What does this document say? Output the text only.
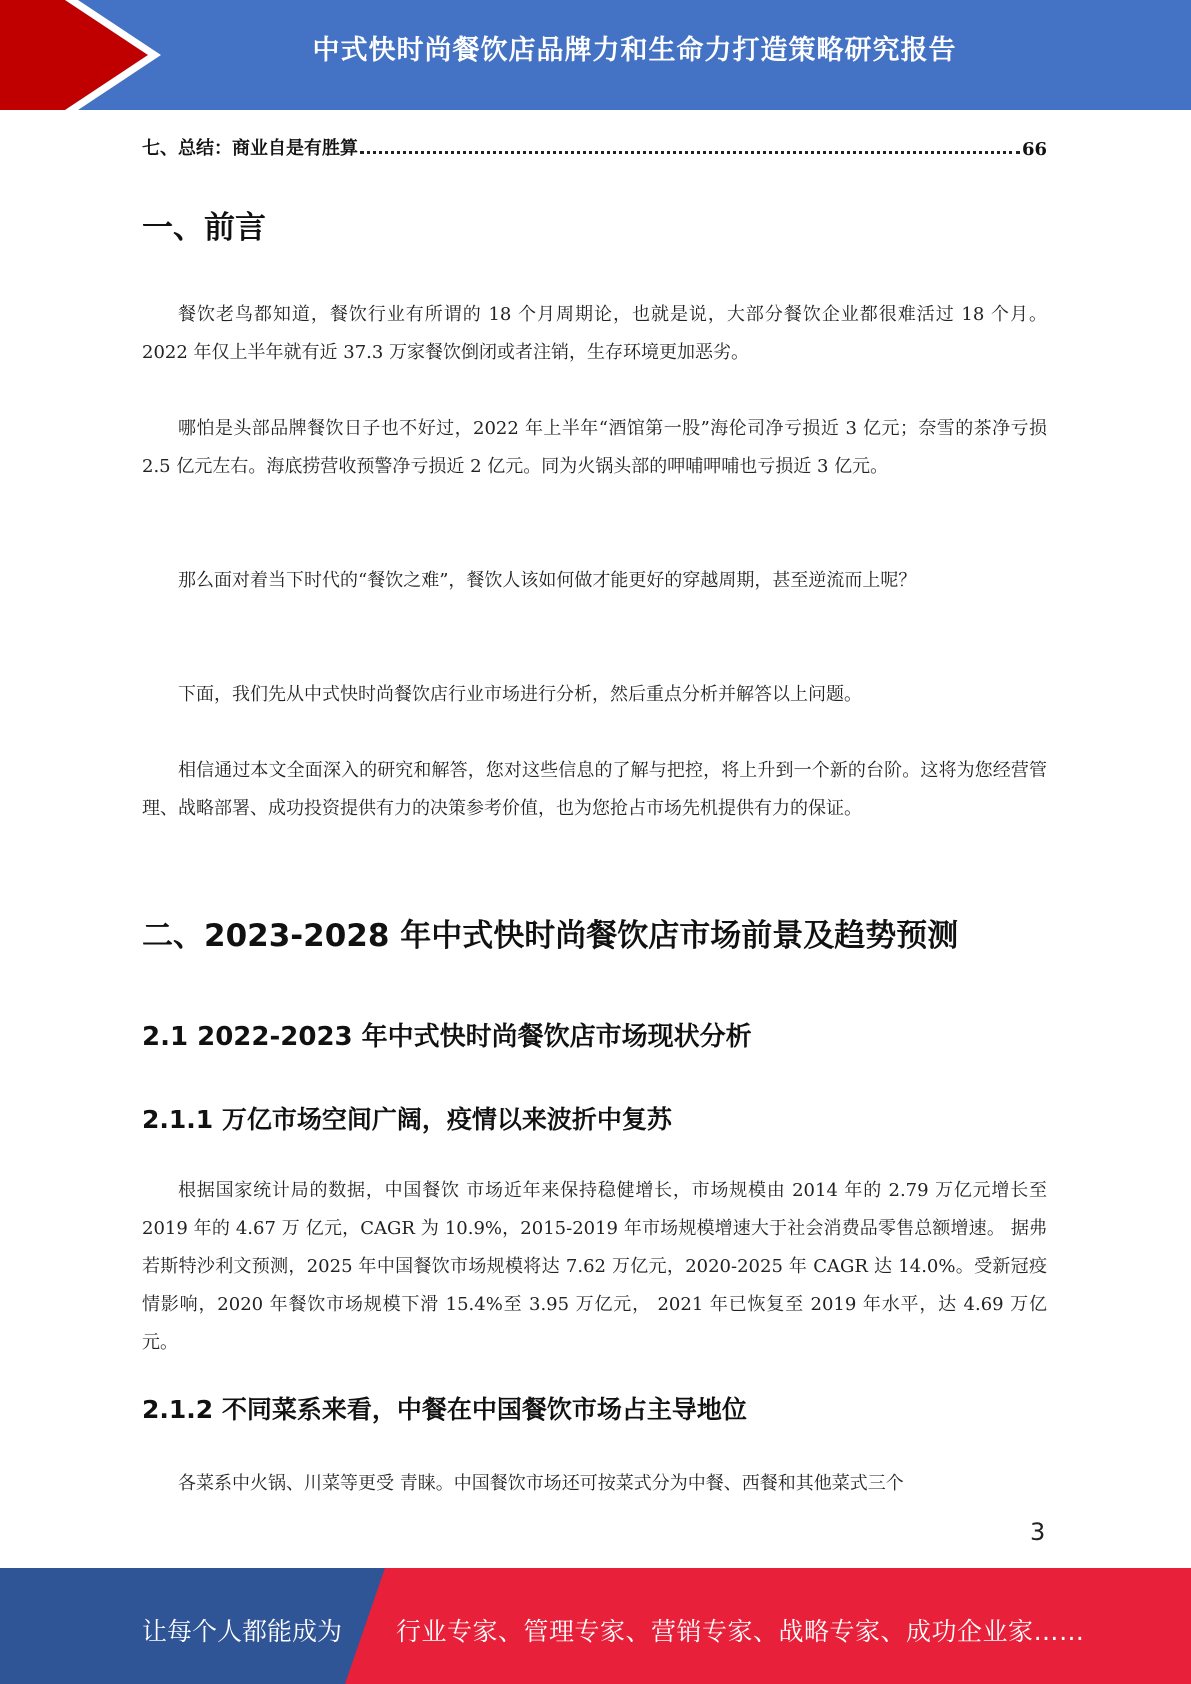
中式快时尚餐饮店品牌力和生命力打造策略研究报告
七、总结：商业自是有胜算	66
一、前言

餐饮老鸟都知道，餐饮行业有所谓的 18 个月周期论，也就是说，大部分餐饮企业都很难活过 18 个月。2022 年仅上半年就有近 37.3 万家餐饮倒闭或者注销，生存环境更加恶劣。

哪怕是头部品牌餐饮日子也不好过，2022 年上半年“酒馆第一股”海伦司净亏损近 3 亿元；奈雪的茶净亏损 2.5 亿元左右。海底捞营收预警净亏损近 2 亿元。同为火锅头部的呷哺呷哺也亏损近 3 亿元。

那么面对着当下时代的“餐饮之难”，餐饮人该如何做才能更好的穿越周期，甚至逆流而上呢？

下面，我们先从中式快时尚餐饮店行业市场进行分析，然后重点分析并解答以上问题。

相信通过本文全面深入的研究和解答，您对这些信息的了解与把控，将上升到一个新的台阶。这将为您经营管理、战略部署、成功投资提供有力的决策参考价值，也为您抢占市场先机提供有力的保证。

二、2023-2028 年中式快时尚餐饮店市场前景及趋势预测
2.1 2022-2023 年中式快时尚餐饮店市场现状分析
2.1.1 万亿市场空间广阔，疫情以来波折中复苏

根据国家统计局的数据，中国餐饮 市场近年来保持稳健增长，市场规模由 2014 年的 2.79 万亿元增长至 2019 年的 4.67 万 亿元，CAGR 为 10.9%，2015-2019 年市场规模增速大于社会消费品零售总额增速。 据弗若斯特沙利文预测，2025 年中国餐饮市场规模将达 7.62 万亿元，2020-2025 年 CAGR 达 14.0%。受新冠疫情影响，2020 年餐饮市场规模下滑 15.4%至 3.95 万亿元， 2021 年已恢复至 2019 年水平，达 4.69 万亿元。

2.1.2 不同菜系来看，中餐在中国餐饮市场占主导地位

各菜系中火锅、川菜等更受 青睐。中国餐饮市场还可按菜式分为中餐、西餐和其他菜式三个

3
让每个人都能成为 行业专家、管理专家、营销专家、战略专家、成功企业家……
